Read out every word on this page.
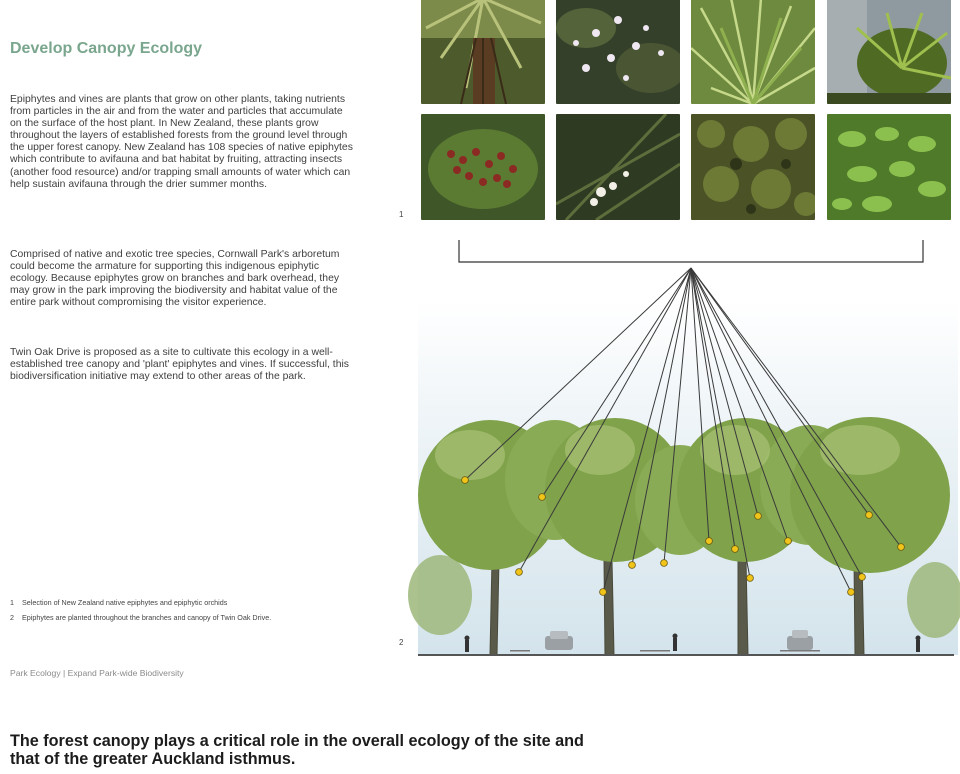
Develop Canopy Ecology

Epiphytes and vines are plants that grow on other plants, taking nutrients from particles in the air and from the water and particles that accumulate on the surface of the host plant. In New Zealand, these plants grow throughout the layers of established forests from the ground level through the upper forest canopy. New Zealand has 108 species of native epiphytes which contribute to avifauna and bat habitat by fruiting, attracting insects (another food resource) and/or trapping small amounts of water which can help sustain avifauna through the drier summer months.

Comprised of native and exotic tree species, Cornwall Park's arboretum could become the armature for supporting this indigenous epiphytic ecology. Because epiphytes grow on branches and bark overhead, they may grow in the park improving the biodiversity and habitat value of the entire park without compromising the visitor experience.

Twin Oak Drive is proposed as a site to cultivate this ecology in a well-established tree canopy and 'plant' epiphytes and vines. If successful, this biodiversification initiative may extend to other areas of the park.

1	Selection of New Zealand native epiphytes and epiphytic orchids
2	Epiphytes are planted throughout the branches and canopy of Twin Oak Drive.
Park Ecology | Expand Park-wide Biodiversity

The forest canopy plays a critical role in the overall ecology of the site and that of the greater Auckland isthmus.

1
2
